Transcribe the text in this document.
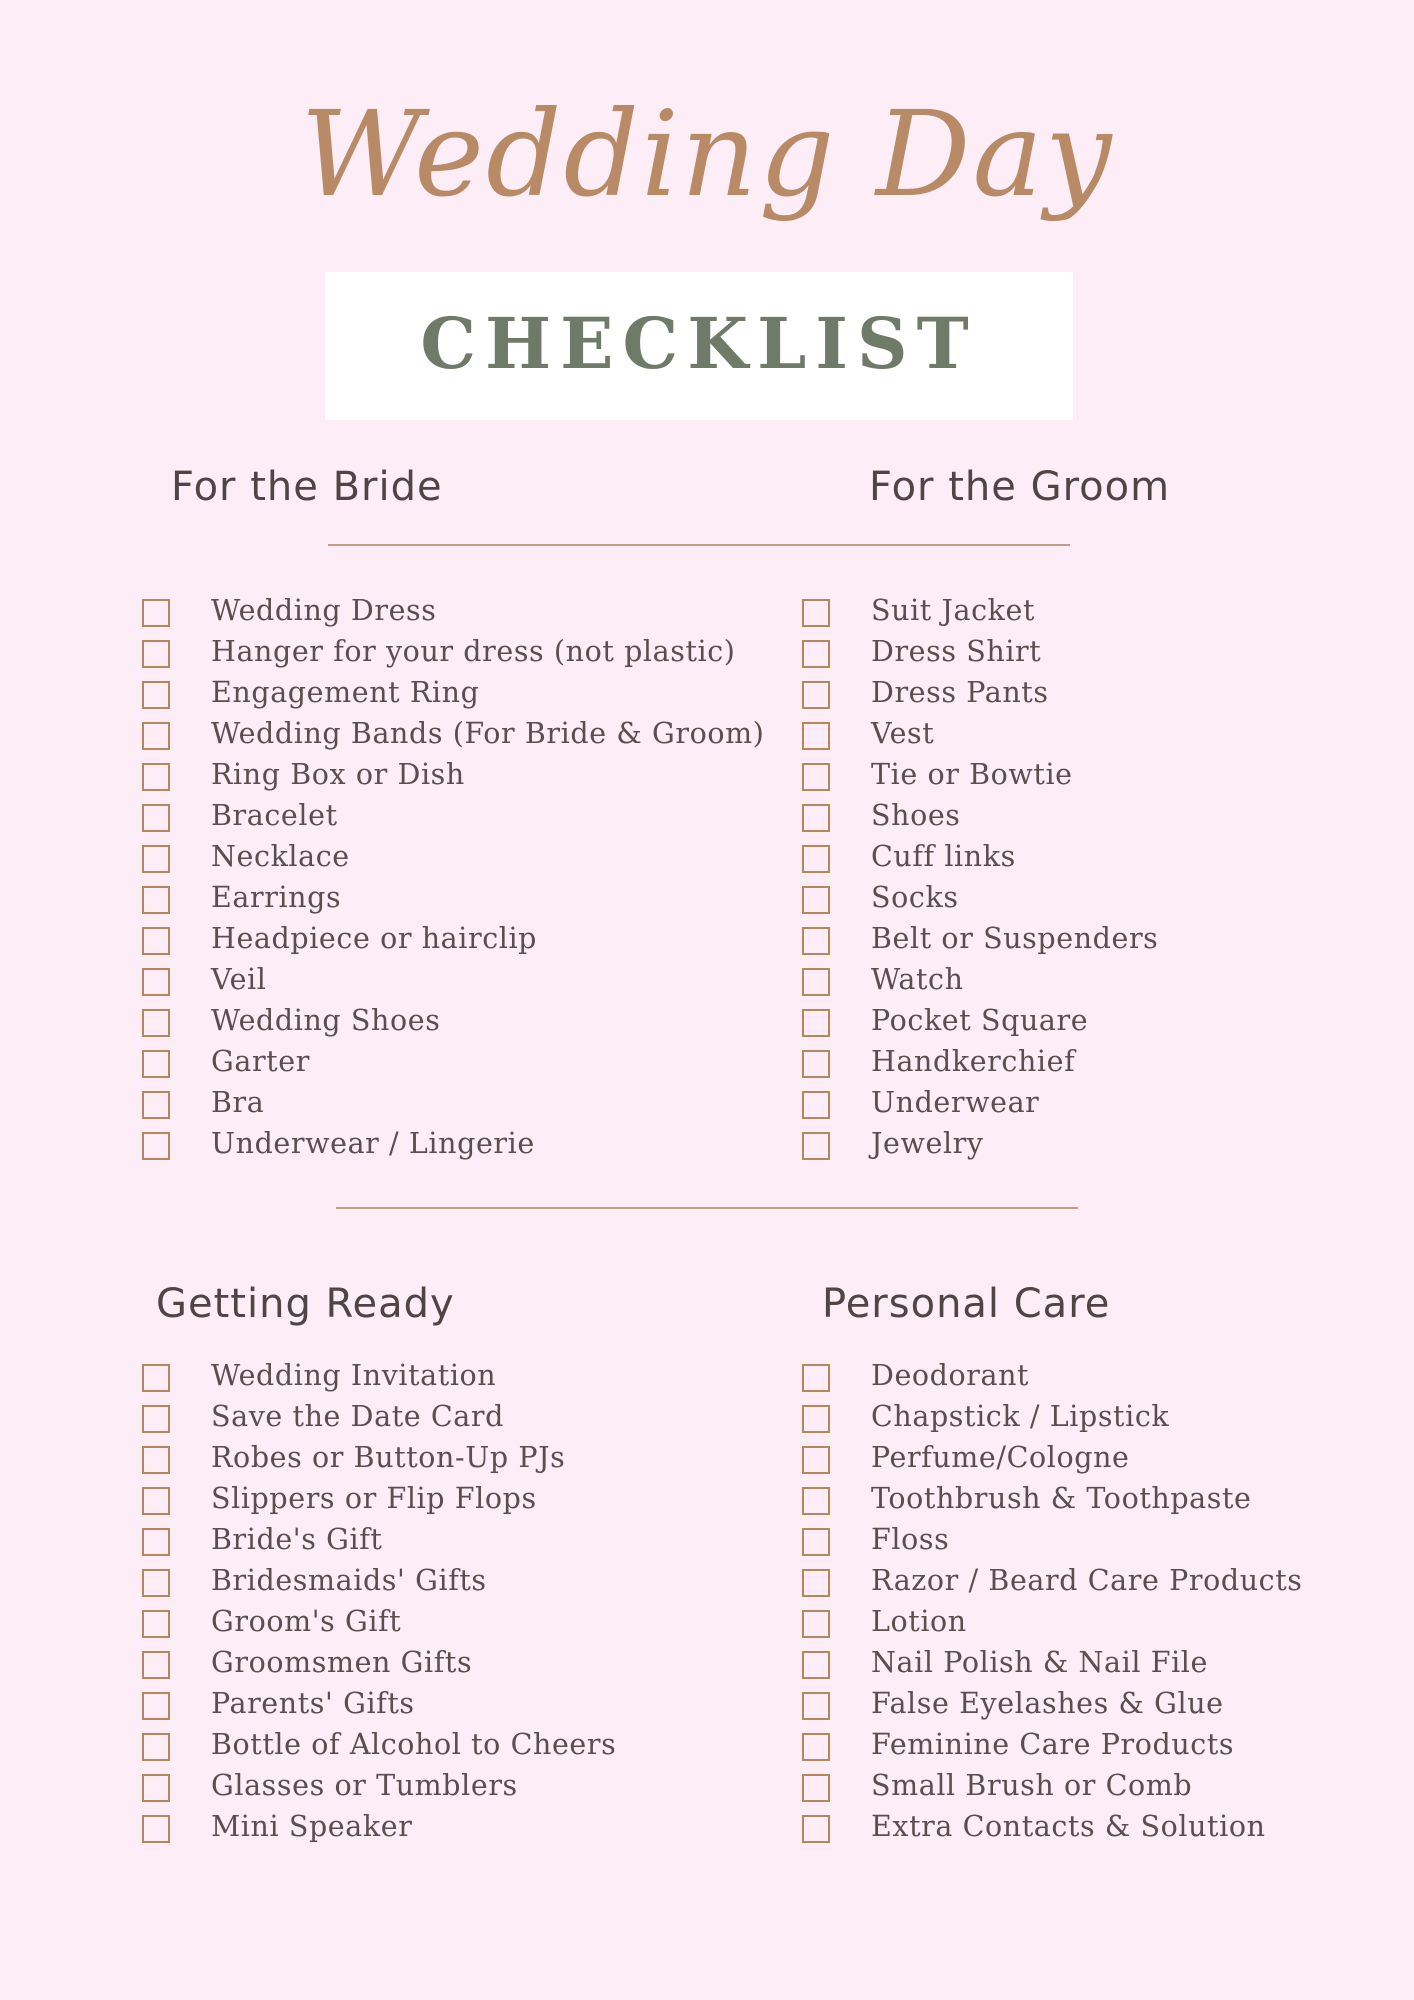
Wedding Day
CHECKLIST
For the Bride	For the Groom
Wedding Dress
Hanger for your dress (not plastic)
Engagement Ring
Wedding Bands (For Bride & Groom)
Ring Box or Dish
Bracelet
Necklace
Earrings
Headpiece or hairclip
Veil
Wedding Shoes
Garter
Bra
Underwear / Lingerie
Suit Jacket
Dress Shirt
Dress Pants
Vest
Tie or Bowtie
Shoes
Cuff links
Socks
Belt or Suspenders
Watch
Pocket Square
Handkerchief
Underwear
Jewelry
Getting Ready	Personal Care
Wedding Invitation
Save the Date Card
Robes or Button-Up PJs
Slippers or Flip Flops
Bride's Gift
Bridesmaids' Gifts
Groom's Gift
Groomsmen Gifts
Parents' Gifts
Bottle of Alcohol to Cheers
Glasses or Tumblers
Mini Speaker
Deodorant
Chapstick / Lipstick
Perfume/Cologne
Toothbrush & Toothpaste
Floss
Razor / Beard Care Products
Lotion
Nail Polish & Nail File
False Eyelashes & Glue
Feminine Care Products
Small Brush or Comb
Extra Contacts & Solution
